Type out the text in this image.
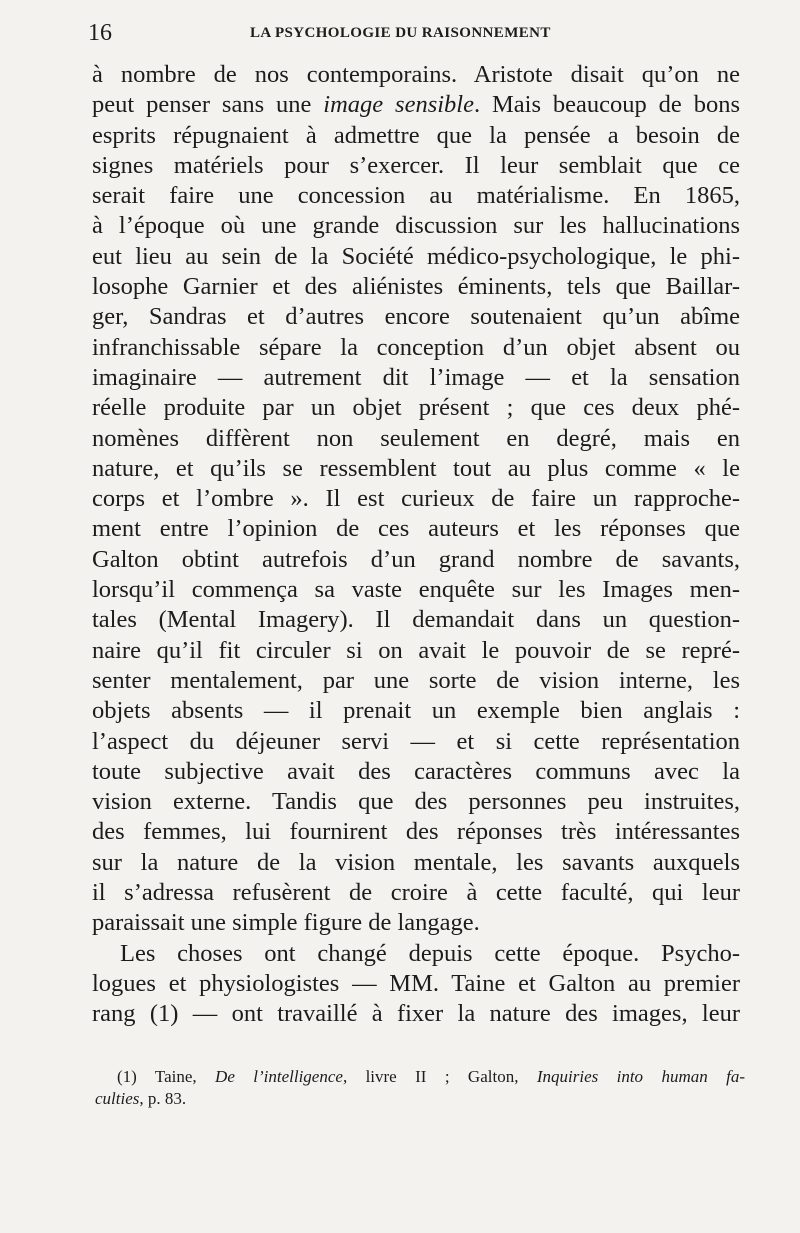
16	LA PSYCHOLOGIE DU RAISONNEMENT
à nombre de nos contemporains. Aristote disait qu’on ne
peut penser sans une image sensible. Mais beaucoup de bons
esprits répugnaient à admettre que la pensée a besoin de
signes matériels pour s’exercer. Il leur semblait que ce
serait faire une concession au matérialisme. En 1865,
à l’époque où une grande discussion sur les hallucinations
eut lieu au sein de la Société médico-psychologique, le phi-
losophe Garnier et des aliénistes éminents, tels que Baillar-
ger, Sandras et d’autres encore soutenaient qu’un abîme
infranchissable sépare la conception d’un objet absent ou
imaginaire — autrement dit l’image — et la sensation
réelle produite par un objet présent ; que ces deux phé-
nomènes diffèrent non seulement en degré, mais en
nature, et qu’ils se ressemblent tout au plus comme « le
corps et l’ombre ». Il est curieux de faire un rapproche-
ment entre l’opinion de ces auteurs et les réponses que
Galton obtint autrefois d’un grand nombre de savants,
lorsqu’il commença sa vaste enquête sur les Images men-
tales (Mental Imagery). Il demandait dans un question-
naire qu’il fit circuler si on avait le pouvoir de se repré-
senter mentalement, par une sorte de vision interne, les
objets absents — il prenait un exemple bien anglais :
l’aspect du déjeuner servi — et si cette représentation
toute subjective avait des caractères communs avec la
vision externe. Tandis que des personnes peu instruites,
des femmes, lui fournirent des réponses très intéressantes
sur la nature de la vision mentale, les savants auxquels
il s’adressa refusèrent de croire à cette faculté, qui leur
paraissait une simple figure de langage.
Les choses ont changé depuis cette époque. Psycho-
logues et physiologistes — MM. Taine et Galton au premier
rang (1) — ont travaillé à fixer la nature des images, leur
(1) Taine, De l’intelligence, livre II ; Galton, Inquiries into human fa-
culties, p. 83.
